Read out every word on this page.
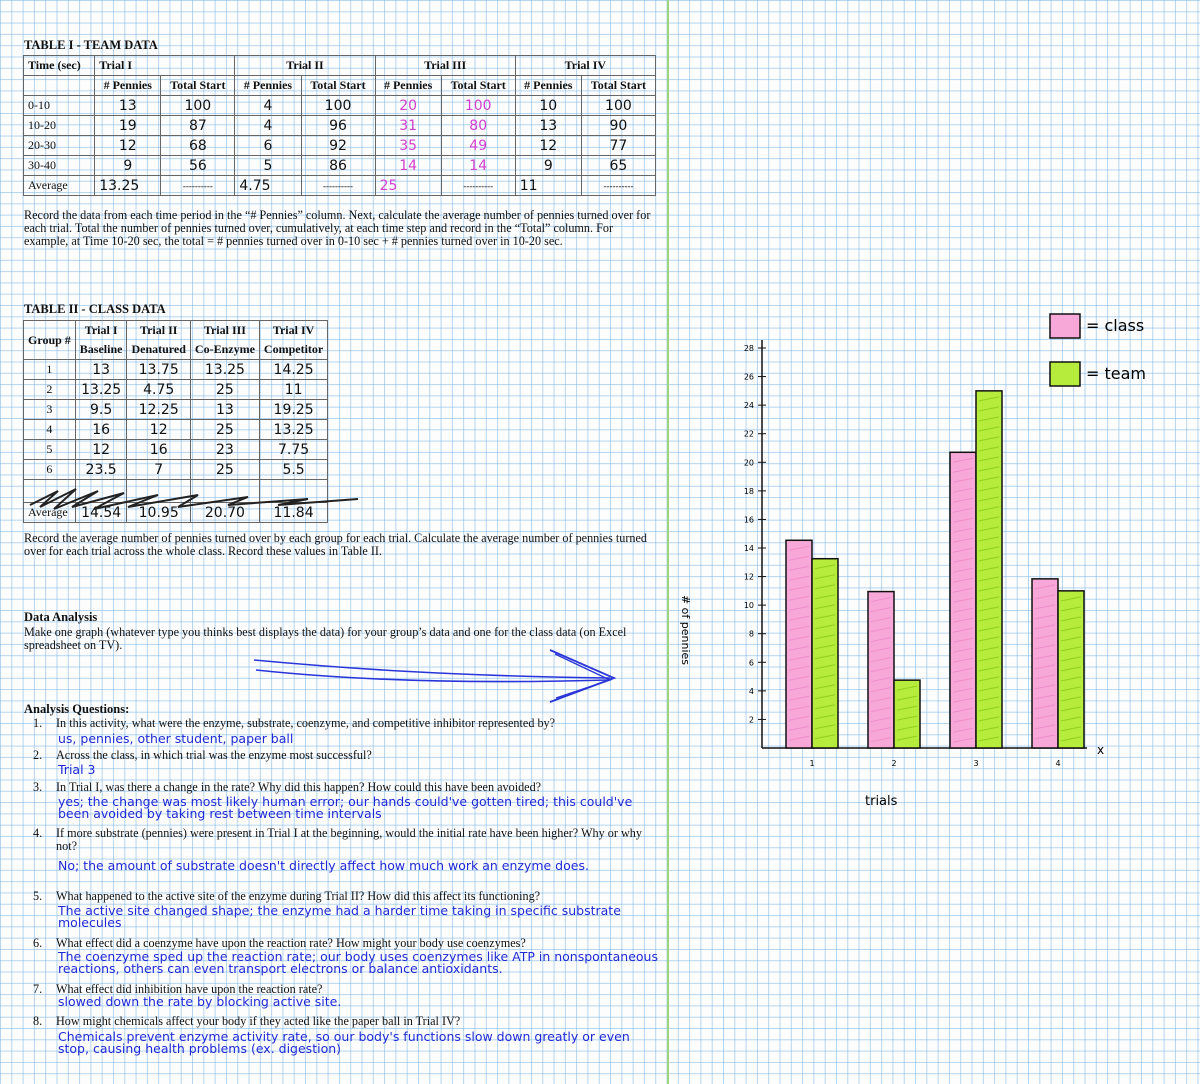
TABLE I - TEAM DATA
Time (sec)	Trial I		Trial II		Trial III		Trial IV	
	# Pennies	Total Start	# Pennies	Total Start	# Pennies	Total Start	# Pennies	Total Start
0-10	13	100	4	100	20	100	10	100
10-20	19	87	4	96	31	80	13	90
20-30	12	68	6	92	35	49	12	77
30-40	9	56	5	86	14	14	9	65
Average	13.25	----------	4.75	----------	25	----------	11	----------
Record the data from each time period in the “# Pennies” column. Next, calculate the average number of pennies turned over for each trial. Total the number of pennies turned over, cumulatively, at each time step and record in the “Total” column. For example, at Time 10-20 sec, the total = # pennies turned over in 0-10 sec + # pennies turned over in 10-20 sec.
TABLE II - CLASS DATA
Group #	Trial I	Trial II	Trial III	Trial IV
	Baseline	Denatured	Co-Enzyme	Competitor
1	13	13.75	13.25	14.25
2	13.25	4.75	25	11
3	9.5	12.25	13	19.25
4	16	12	25	13.25
5	12	16	23	7.75
6	23.5	7	25	5.5

Average	14.54	10.95	20.70	11.84
Record the average number of pennies turned over by each group for each trial. Calculate the average number of pennies turned over for each trial across the whole class. Record these values in Table II.
Data Analysis
Make one graph (whatever type you thinks best displays the data) for your group’s data and one for the class data (on Excel spreadsheet on TV).
Analysis Questions:
1. In this activity, what were the enzyme, substrate, coenzyme, and competitive inhibitor represented by?
us, pennies, other student, paper ball
2. Across the class, in which trial was the enzyme most successful?
Trial 3
3. In Trial I, was there a change in the rate? Why did this happen? How could this have been avoided?
yes; the change was most likely human error; our hands could've gotten tired; this could've been avoided by taking rest between time intervals
4. If more substrate (pennies) were present in Trial I at the beginning, would the initial rate have been higher? Why or why not?
No; the amount of substrate doesn't directly affect how much work an enzyme does.
5. What happened to the active site of the enzyme during Trial II? How did this affect its functioning?
The active site changed shape; the enzyme had a harder time taking in specific substrate molecules
6. What effect did a coenzyme have upon the reaction rate? How might your body use coenzymes?
The coenzyme sped up the reaction rate; our body uses coenzymes like ATP in nonspontaneous reactions, others can even transport electrons or balance antioxidants.
7. What effect did inhibition have upon the reaction rate?
slowed down the rate by blocking active site.
8. How might chemicals affect your body if they acted like the paper ball in Trial IV?
Chemicals prevent enzyme activity rate, so our body's functions slow down greatly or even stop, causing health problems (ex. digestion)
x
# of pennies
trials
2
4
6
8
10
12
14
16
18
20
22
24
26
28
1	2	3	4
= class
= team
